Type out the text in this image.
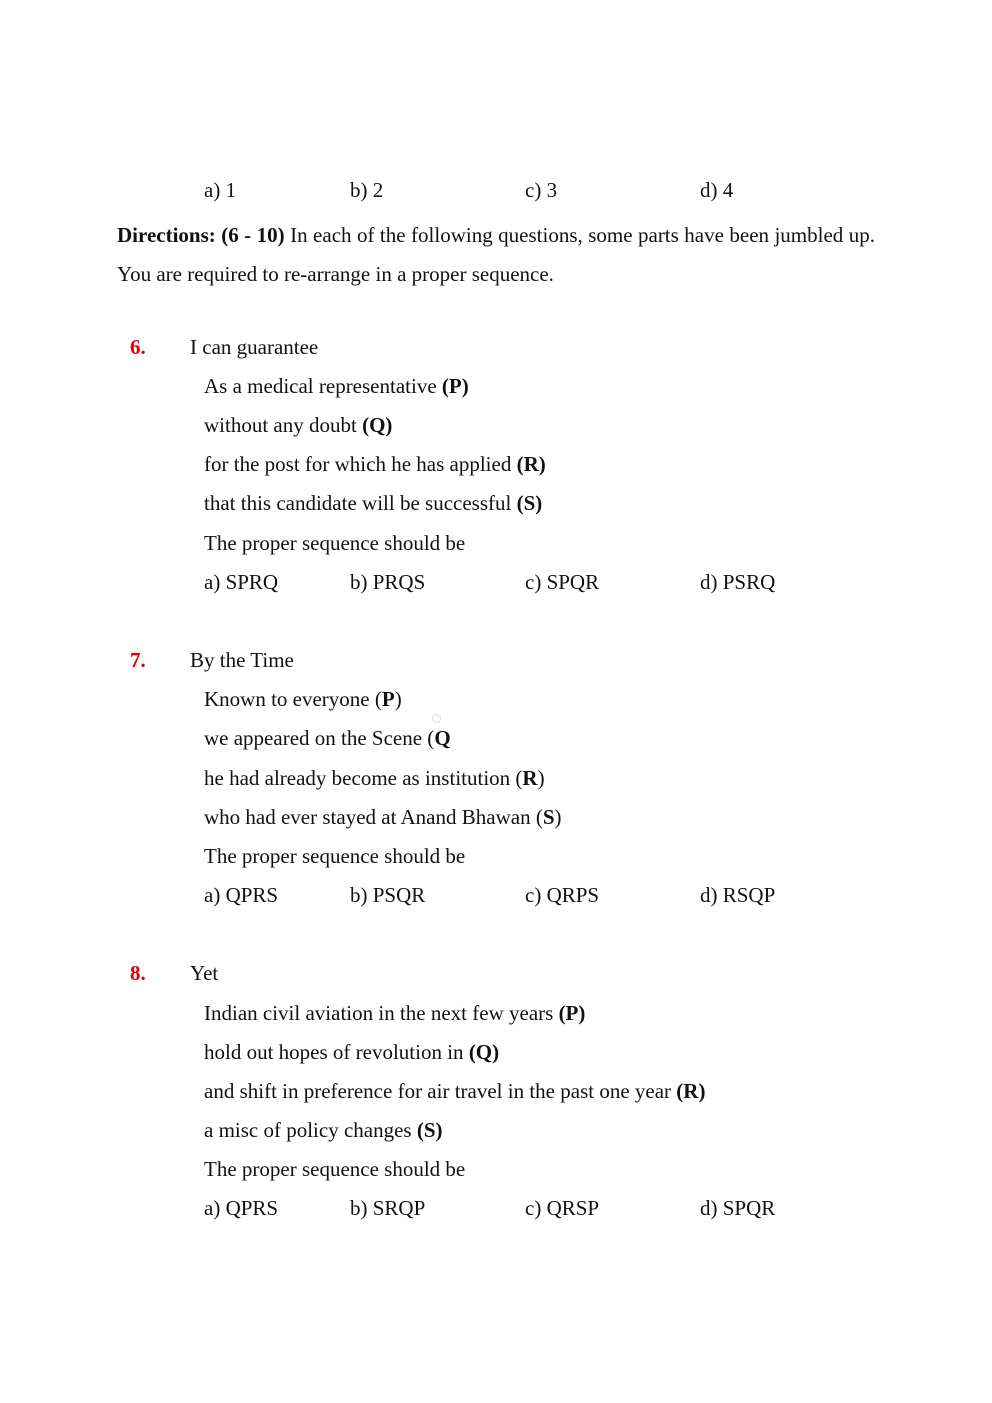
a) 1	b) 2	c) 3	d) 4
Directions: (6 - 10) In each of the following questions, some parts have been jumbled up. You are required to re-arrange in a proper sequence.
6. I can guarantee
As a medical representative (P)
without any doubt (Q)
for the post for which he has applied (R)
that this candidate will be successful (S)
The proper sequence should be
a) SPRQ	b) PRQS	c) SPQR	d) PSRQ
7. By the Time
Known to everyone (P)
we appeared on the Scene (Q
he had already become as institution (R)
who had ever stayed at Anand Bhawan (S)
The proper sequence should be
a) QPRS	b) PSQR	c) QRPS	d) RSQP
8. Yet
Indian civil aviation in the next few years (P)
hold out hopes of revolution in (Q)
and shift in preference for air travel in the past one year (R)
a misc of policy changes (S)
The proper sequence should be
a) QPRS	b) SRQP	c) QRSP	d) SPQR
